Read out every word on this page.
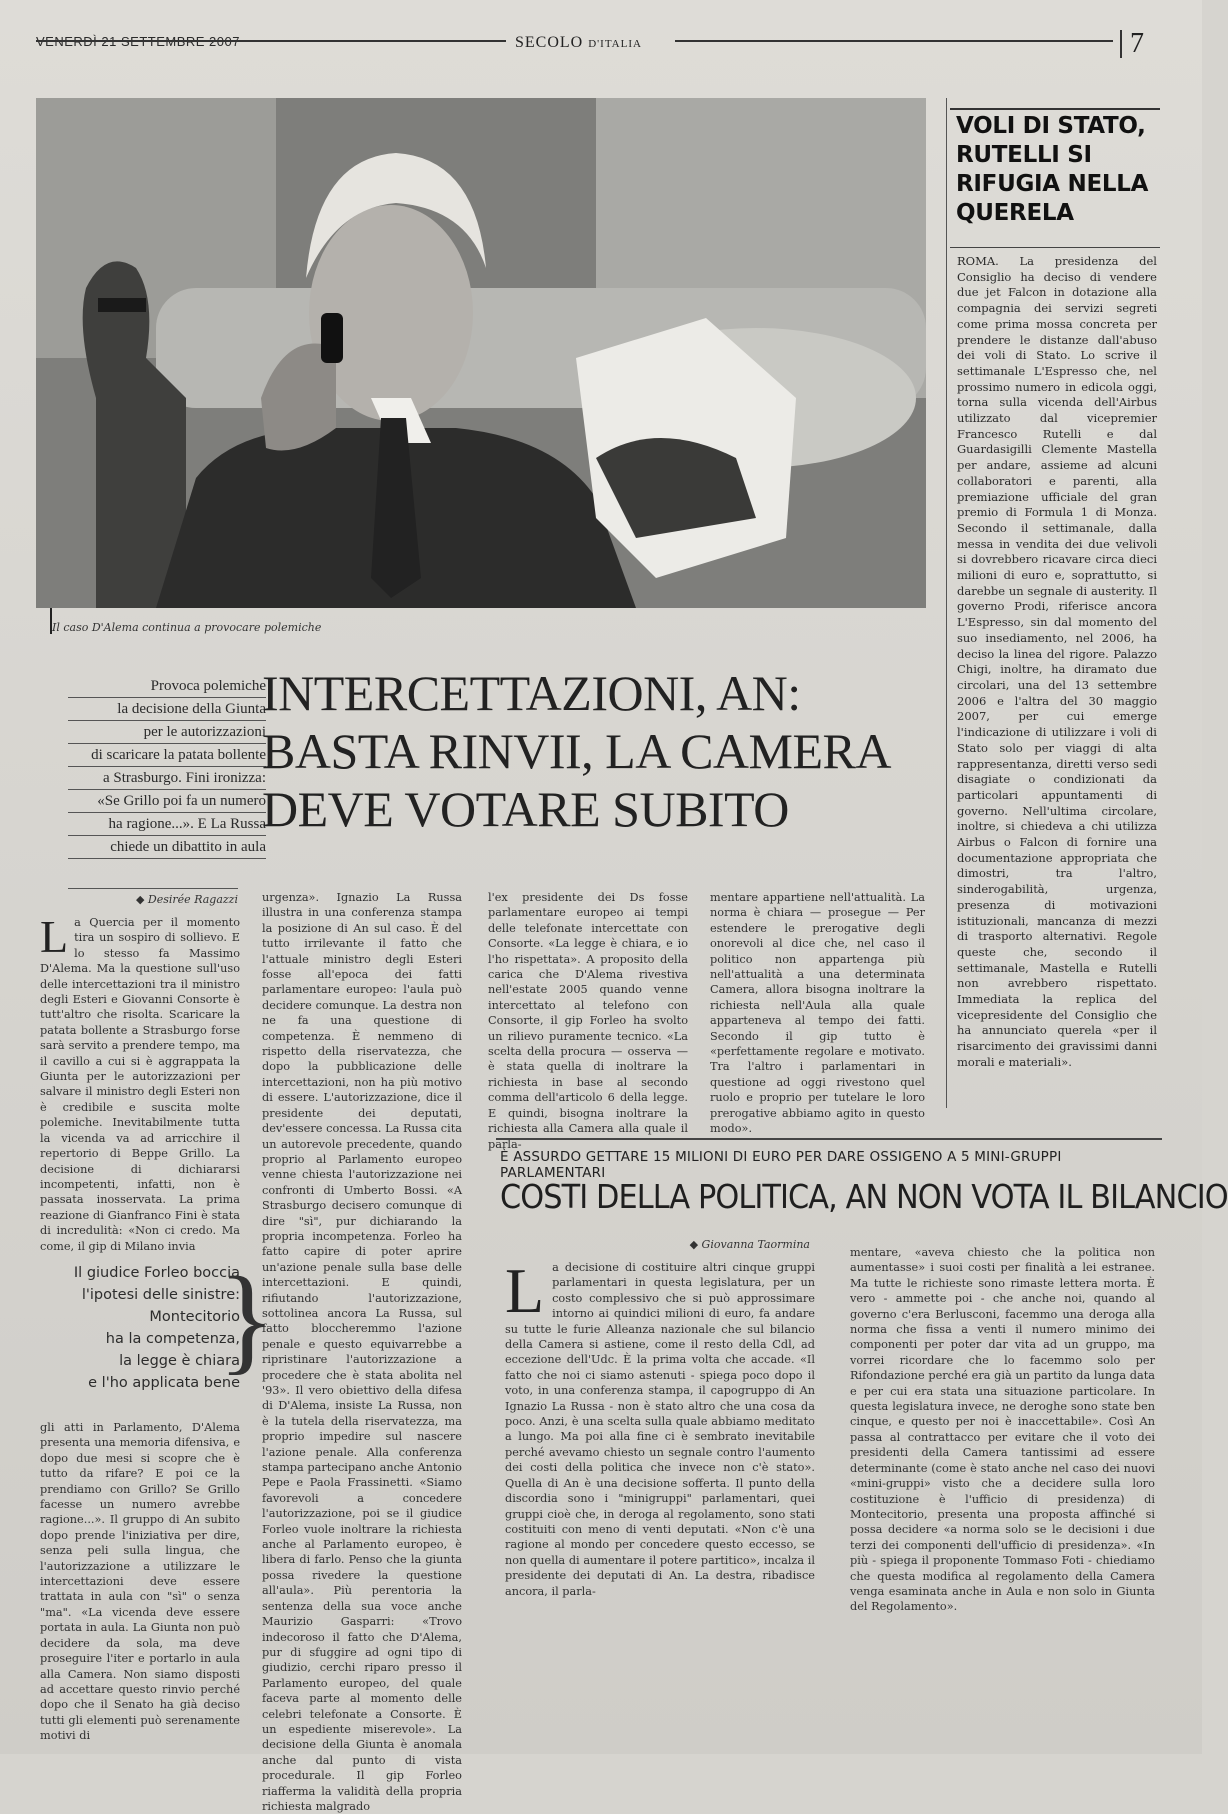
SECOLO D'ITALIA	7
Il caso D'Alema continua a provocare polemiche
VOLI DI STATO, RUTELLI SI RIFUGIA NELLA QUERELA
ROMA. La presidenza del Consiglio ha deciso di vendere due jet Falcon in dotazione alla compagnia dei servizi segreti come prima mossa concreta per prendere le distanze dall'abuso dei voli di Stato. Lo scrive il settimanale L'Espresso che, nel prossimo numero in edicola oggi, torna sulla vicenda dell'Airbus utilizzato dal vicepremier Francesco Rutelli e dal Guardasigilli Clemente Mastella per andare, assieme ad alcuni collaboratori e parenti, alla premiazione ufficiale del gran premio di Formula 1 di Monza. Secondo il settimanale, dalla messa in vendita dei due velivoli si dovrebbero ricavare circa dieci milioni di euro e, soprattutto, si darebbe un segnale di austerity. Il governo Prodi, riferisce ancora L'Espresso, sin dal momento del suo insediamento, nel 2006, ha deciso la linea del rigore. Palazzo Chigi, inoltre, ha diramato due circolari, una del 13 settembre 2006 e l'altra del 30 maggio 2007, per cui emerge l'indicazione di utilizzare i voli di Stato solo per viaggi di alta rappresentanza, diretti verso sedi disagiate o condizionati da particolari appuntamenti di governo. Nell'ultima circolare, inoltre, si chiedeva a chi utilizza Airbus o Falcon di fornire una documentazione appropriata che dimostri, tra l'altro, sinderogabilità, urgenza, presenza di motivazioni istituzionali, mancanza di mezzi di trasporto alternativi. Regole queste che, secondo il settimanale, Mastella e Rutelli non avrebbero rispettato. Immediata la replica del vicepresidente del Consiglio che ha annunciato querela «per il risarcimento dei gravissimi danni morali e materiali».
Provoca polemiche
la decisione della Giunta
per le autorizzazioni
di scaricare la patata bollente
a Strasburgo. Fini ironizza:
«Se Grillo poi fa un numero
ha ragione...». E La Russa
chiede un dibattito in aula
INTERCETTAZIONI, AN: BASTA RINVII, LA CAMERA DEVE VOTARE SUBITO
◆ Desirée Ragazzi
L a Quercia per il momento tira un sospiro di sollievo. E lo stesso fa Massimo D'Alema. Ma la questione sull'uso delle intercettazioni tra il ministro degli Esteri e Giovanni Consorte è tutt'altro che risolta. Scaricare la patata bollente a Strasburgo forse sarà servito a prendere tempo, ma il cavillo a cui si è aggrappata la Giunta per le autorizzazioni per salvare il ministro degli Esteri non è credibile e suscita molte polemiche. Inevitabilmente tutta la vicenda va ad arricchire il repertorio di Beppe Grillo. La decisione di dichiararsi incompetenti, infatti, non è passata inosservata. La prima reazione di Gianfranco Fini è stata di incredulità: «Non ci credo. Ma come, il gip di Milano invia
Il giudice Forleo boccia
l'ipotesi delle sinistre:
Montecitorio
ha la competenza,
la legge è chiara
e l'ho applicata bene
}
gli atti in Parlamento, D'Alema presenta una memoria difensiva, e dopo due mesi si scopre che è tutto da rifare? E poi ce la prendiamo con Grillo? Se Grillo facesse un numero avrebbe ragione...». Il gruppo di An subito dopo prende l'iniziativa per dire, senza peli sulla lingua, che l'autorizzazione a utilizzare le intercettazioni deve essere trattata in aula con "sì" o senza "ma". «La vicenda deve essere portata in aula. La Giunta non può decidere da sola, ma deve proseguire l'iter e portarlo in aula alla Camera. Non siamo disposti ad accettare questo rinvio perché dopo che il Senato ha già deciso tutti gli elementi può serenamente motivi di
urgenza». Ignazio La Russa illustra in una conferenza stampa la posizione di An sul caso. È del tutto irrilevante il fatto che l'attuale ministro degli Esteri fosse all'epoca dei fatti parlamentare europeo: l'aula può decidere comunque. La destra non ne fa una questione di competenza. È nemmeno di rispetto della riservatezza, che dopo la pubblicazione delle intercettazioni, non ha più motivo di essere. L'autorizzazione, dice il presidente dei deputati, dev'essere concessa. La Russa cita un autorevole precedente, quando proprio al Parlamento europeo venne chiesta l'autorizzazione nei confronti di Umberto Bossi. «A Strasburgo decisero comunque di dire "sì", pur dichiarando la propria incompetenza. Forleo ha fatto capire di poter aprire un'azione penale sulla base delle intercettazioni. E quindi, rifiutando l'autorizzazione, sottolinea ancora La Russa, sul fatto bloccheremmo l'azione penale e questo equivarrebbe a ripristinare l'autorizzazione a procedere che è stata abolita nel '93». Il vero obiettivo della difesa di D'Alema, insiste La Russa, non è la tutela della riservatezza, ma proprio impedire sul nascere l'azione penale. Alla conferenza stampa partecipano anche Antonio Pepe e Paola Frassinetti. «Siamo favorevoli a concedere l'autorizzazione, poi se il giudice Forleo vuole inoltrare la richiesta anche al Parlamento europeo, è libera di farlo. Penso che la giunta possa rivedere la questione all'aula». Più perentoria la sentenza della sua voce anche Maurizio Gasparri: «Trovo indecoroso il fatto che D'Alema, pur di sfuggire ad ogni tipo di giudizio, cerchi riparo presso il Parlamento europeo, del quale faceva parte al momento delle celebri telefonate a Consorte. È un espediente miserevole». La decisione della Giunta è anomala anche dal punto di vista procedurale. Il gip Forleo riafferma la validità della propria richiesta malgrado
l'ex presidente dei Ds fosse parlamentare europeo ai tempi delle telefonate intercettate con Consorte. «La legge è chiara, e io l'ho rispettata». A proposito della carica che D'Alema rivestiva nell'estate 2005 quando venne intercettato al telefono con Consorte, il gip Forleo ha svolto un rilievo puramente tecnico. «La scelta della procura — osserva — è stata quella di inoltrare la richiesta in base al secondo comma dell'articolo 6 della legge. E quindi, bisogna inoltrare la richiesta alla Camera alla quale il parla-
mentare appartiene nell'attualità. La norma è chiara — prosegue — Per estendere le prerogative degli onorevoli al dice che, nel caso il politico non appartenga più nell'attualità a una determinata Camera, allora bisogna inoltrare la richiesta nell'Aula alla quale apparteneva al tempo dei fatti. Secondo il gip tutto è «perfettamente regolare e motivato. Tra l'altro i parlamentari in questione ad oggi rivestono quel ruolo e proprio per tutelare le loro prerogative abbiamo agito in questo modo».
È ASSURDO GETTARE 15 MILIONI DI EURO PER DARE OSSIGENO A 5 MINI-GRUPPI PARLAMENTARI
COSTI DELLA POLITICA, AN NON VOTA IL BILANCIO
◆ Giovanna Taormina
L a decisione di costituire altri cinque gruppi parlamentari in questa legislatura, per un costo complessivo che si può approssimare intorno ai quindici milioni di euro, fa andare su tutte le furie Alleanza nazionale che sul bilancio della Camera si astiene, come il resto della Cdl, ad eccezione dell'Udc. È la prima volta che accade. «Il fatto che noi ci siamo astenuti - spiega poco dopo il voto, in una conferenza stampa, il capogruppo di An Ignazio La Russa - non è stato altro che una cosa da poco. Anzi, è una scelta sulla quale abbiamo meditato a lungo. Ma poi alla fine ci è sembrato inevitabile perché avevamo chiesto un segnale contro l'aumento dei costi della politica che invece non c'è stato». Quella di An è una decisione sofferta. Il punto della discordia sono i "minigruppi" parlamentari, quei gruppi cioè che, in deroga al regolamento, sono stati costituiti con meno di venti deputati. «Non c'è una ragione al mondo per concedere questo eccesso, se non quella di aumentare il potere partitico», incalza il presidente dei deputati di An. La destra, ribadisce ancora, il parla-
mentare, «aveva chiesto che la politica non aumentasse» i suoi costi per finalità a lei estranee. Ma tutte le richieste sono rimaste lettera morta. È vero - ammette poi - che anche noi, quando al governo c'era Berlusconi, facemmo una deroga alla norma che fissa a venti il numero minimo dei componenti per poter dar vita ad un gruppo, ma vorrei ricordare che lo facemmo solo per Rifondazione perché era già un partito da lunga data e per cui era stata una situazione particolare. In questa legislatura invece, ne deroghe sono state ben cinque, e questo per noi è inaccettabile». Così An passa al contrattacco per evitare che il voto dei presidenti della Camera tantissimi ad essere determinante (come è stato anche nel caso dei nuovi «mini-gruppi» visto che a decidere sulla loro costituzione è l'ufficio di presidenza) di Montecitorio, presenta una proposta affinché si possa decidere «a norma solo se le decisioni i due terzi dei componenti dell'ufficio di presidenza». «In più - spiega il proponente Tommaso Foti - chiediamo che questa modifica al regolamento della Camera venga esaminata anche in Aula e non solo in Giunta del Regolamento».
